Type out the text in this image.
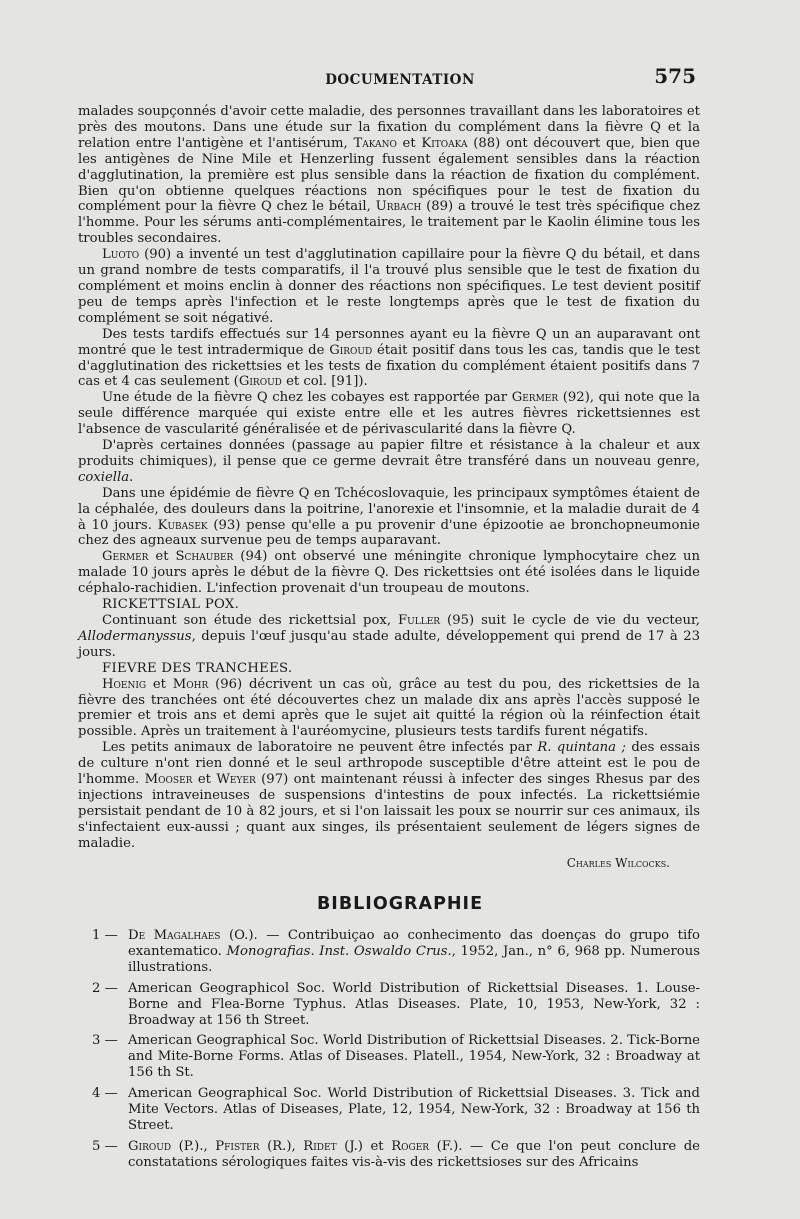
DOCUMENTATION	575

malades soupçonnés d'avoir cette maladie, des personnes travaillant dans les laboratoires et près des moutons. Dans une étude sur la fixation du complément dans la fièvre Q et la relation entre l'antigène et l'antisérum, Takano et Kitoaka (88) ont découvert que, bien que les antigènes de Nine Mile et Henzerling fussent également sensibles dans la réaction d'agglutination, la première est plus sensible dans la réaction de fixation du complément. Bien qu'on obtienne quelques réactions non spécifiques pour le test de fixation du complément pour la fièvre Q chez le bétail, Urbach (89) a trouvé le test très spécifique chez l'homme. Pour les sérums anti-complémentaires, le traitement par le Kaolin élimine tous les troubles secondaires.

Luoto (90) a inventé un test d'agglutination capillaire pour la fièvre Q du bétail, et dans un grand nombre de tests comparatifs, il l'a trouvé plus sensible que le test de fixation du complément et moins enclin à donner des réactions non spécifiques. Le test devient positif peu de temps après l'infection et le reste longtemps après que le test de fixation du complément se soit négativé.

Des tests tardifs effectués sur 14 personnes ayant eu la fièvre Q un an auparavant ont montré que le test intradermique de Giroud était positif dans tous les cas, tandis que le test d'agglutination des rickettsies et les tests de fixation du complément étaient positifs dans 7 cas et 4 cas seulement (Giroud et col. [91]).

Une étude de la fièvre Q chez les cobayes est rapportée par Germer (92), qui note que la seule différence marquée qui existe entre elle et les autres fièvres rickettsiennes est l'absence de vascularité généralisée et de périvascularité dans la fièvre Q.

D'après certaines données (passage au papier filtre et résistance à la chaleur et aux produits chimiques), il pense que ce germe devrait être transféré dans un nouveau genre, coxiella.

Dans une épidémie de fièvre Q en Tchécoslovaquie, les principaux symptômes étaient de la céphalée, des douleurs dans la poitrine, l'anorexie et l'insomnie, et la maladie durait de 4 à 10 jours. Kubasek (93) pense qu'elle a pu provenir d'une épizootie ae bronchopneumonie chez des agneaux survenue peu de temps auparavant.

Germer et Schauber (94) ont observé une méningite chronique lymphocytaire chez un malade 10 jours après le début de la fièvre Q. Des rickettsies ont été isolées dans le liquide céphalo-rachidien. L'infection provenait d'un troupeau de moutons.

RICKETTSIAL POX.

Continuant son étude des rickettsial pox, Fuller (95) suit le cycle de vie du vecteur, Allodermanyssus, depuis l'œuf jusqu'au stade adulte, développement qui prend de 17 à 23 jours.

FIEVRE DES TRANCHEES.

Hoenig et Mohr (96) décrivent un cas où, grâce au test du pou, des rickettsies de la fièvre des tranchées ont été découvertes chez un malade dix ans après l'accès supposé le premier et trois ans et demi après que le sujet ait quitté la région où la réinfection était possible. Après un traitement à l'auréomycine, plusieurs tests tardifs furent négatifs.

Les petits animaux de laboratoire ne peuvent être infectés par R. quintana ; des essais de culture n'ont rien donné et le seul arthropode susceptible d'être atteint est le pou de l'homme. Mooser et Weyer (97) ont maintenant réussi à infecter des singes Rhesus par des injections intraveineuses de suspensions d'intestins de poux infectés. La rickettsiémie persistait pendant de 10 à 82 jours, et si l'on laissait les poux se nourrir sur ces animaux, ils s'infectaient eux-aussi ; quant aux singes, ils présentaient seulement de légers signes de maladie.

Charles Wilcocks.
BIBLIOGRAPHIE
1 — De Magalhaes (O.). — Contribuiçao ao conhecimento das doenças do grupo tifo exantematico. Monografias. Inst. Oswaldo Crus., 1952, Jan., n° 6, 968 pp. Numerous illustrations.
2 — American Geographicol Soc. World Distribution of Rickettsial Diseases. 1. Louse-Borne and Flea-Borne Typhus. Atlas Diseases. Plate, 10, 1953, New-York, 32 : Broadway at 156 th Street.
3 — American Geographical Soc. World Distribution of Rickettsial Diseases. 2. Tick-Borne and Mite-Borne Forms. Atlas of Diseases. Platell., 1954, New-York, 32 : Broadway at 156 th St.
4 — American Geographical Soc. World Distribution of Rickettsial Diseases. 3. Tick and Mite Vectors. Atlas of Diseases, Plate, 12, 1954, New-York, 32 : Broadway at 156 th Street.
5 — Giroud (P.)., Pfister (R.), Ridet (J.) et Roger (F.). — Ce que l'on peut conclure de constatations sérologiques faites vis-à-vis des rickettsioses sur des Africains
